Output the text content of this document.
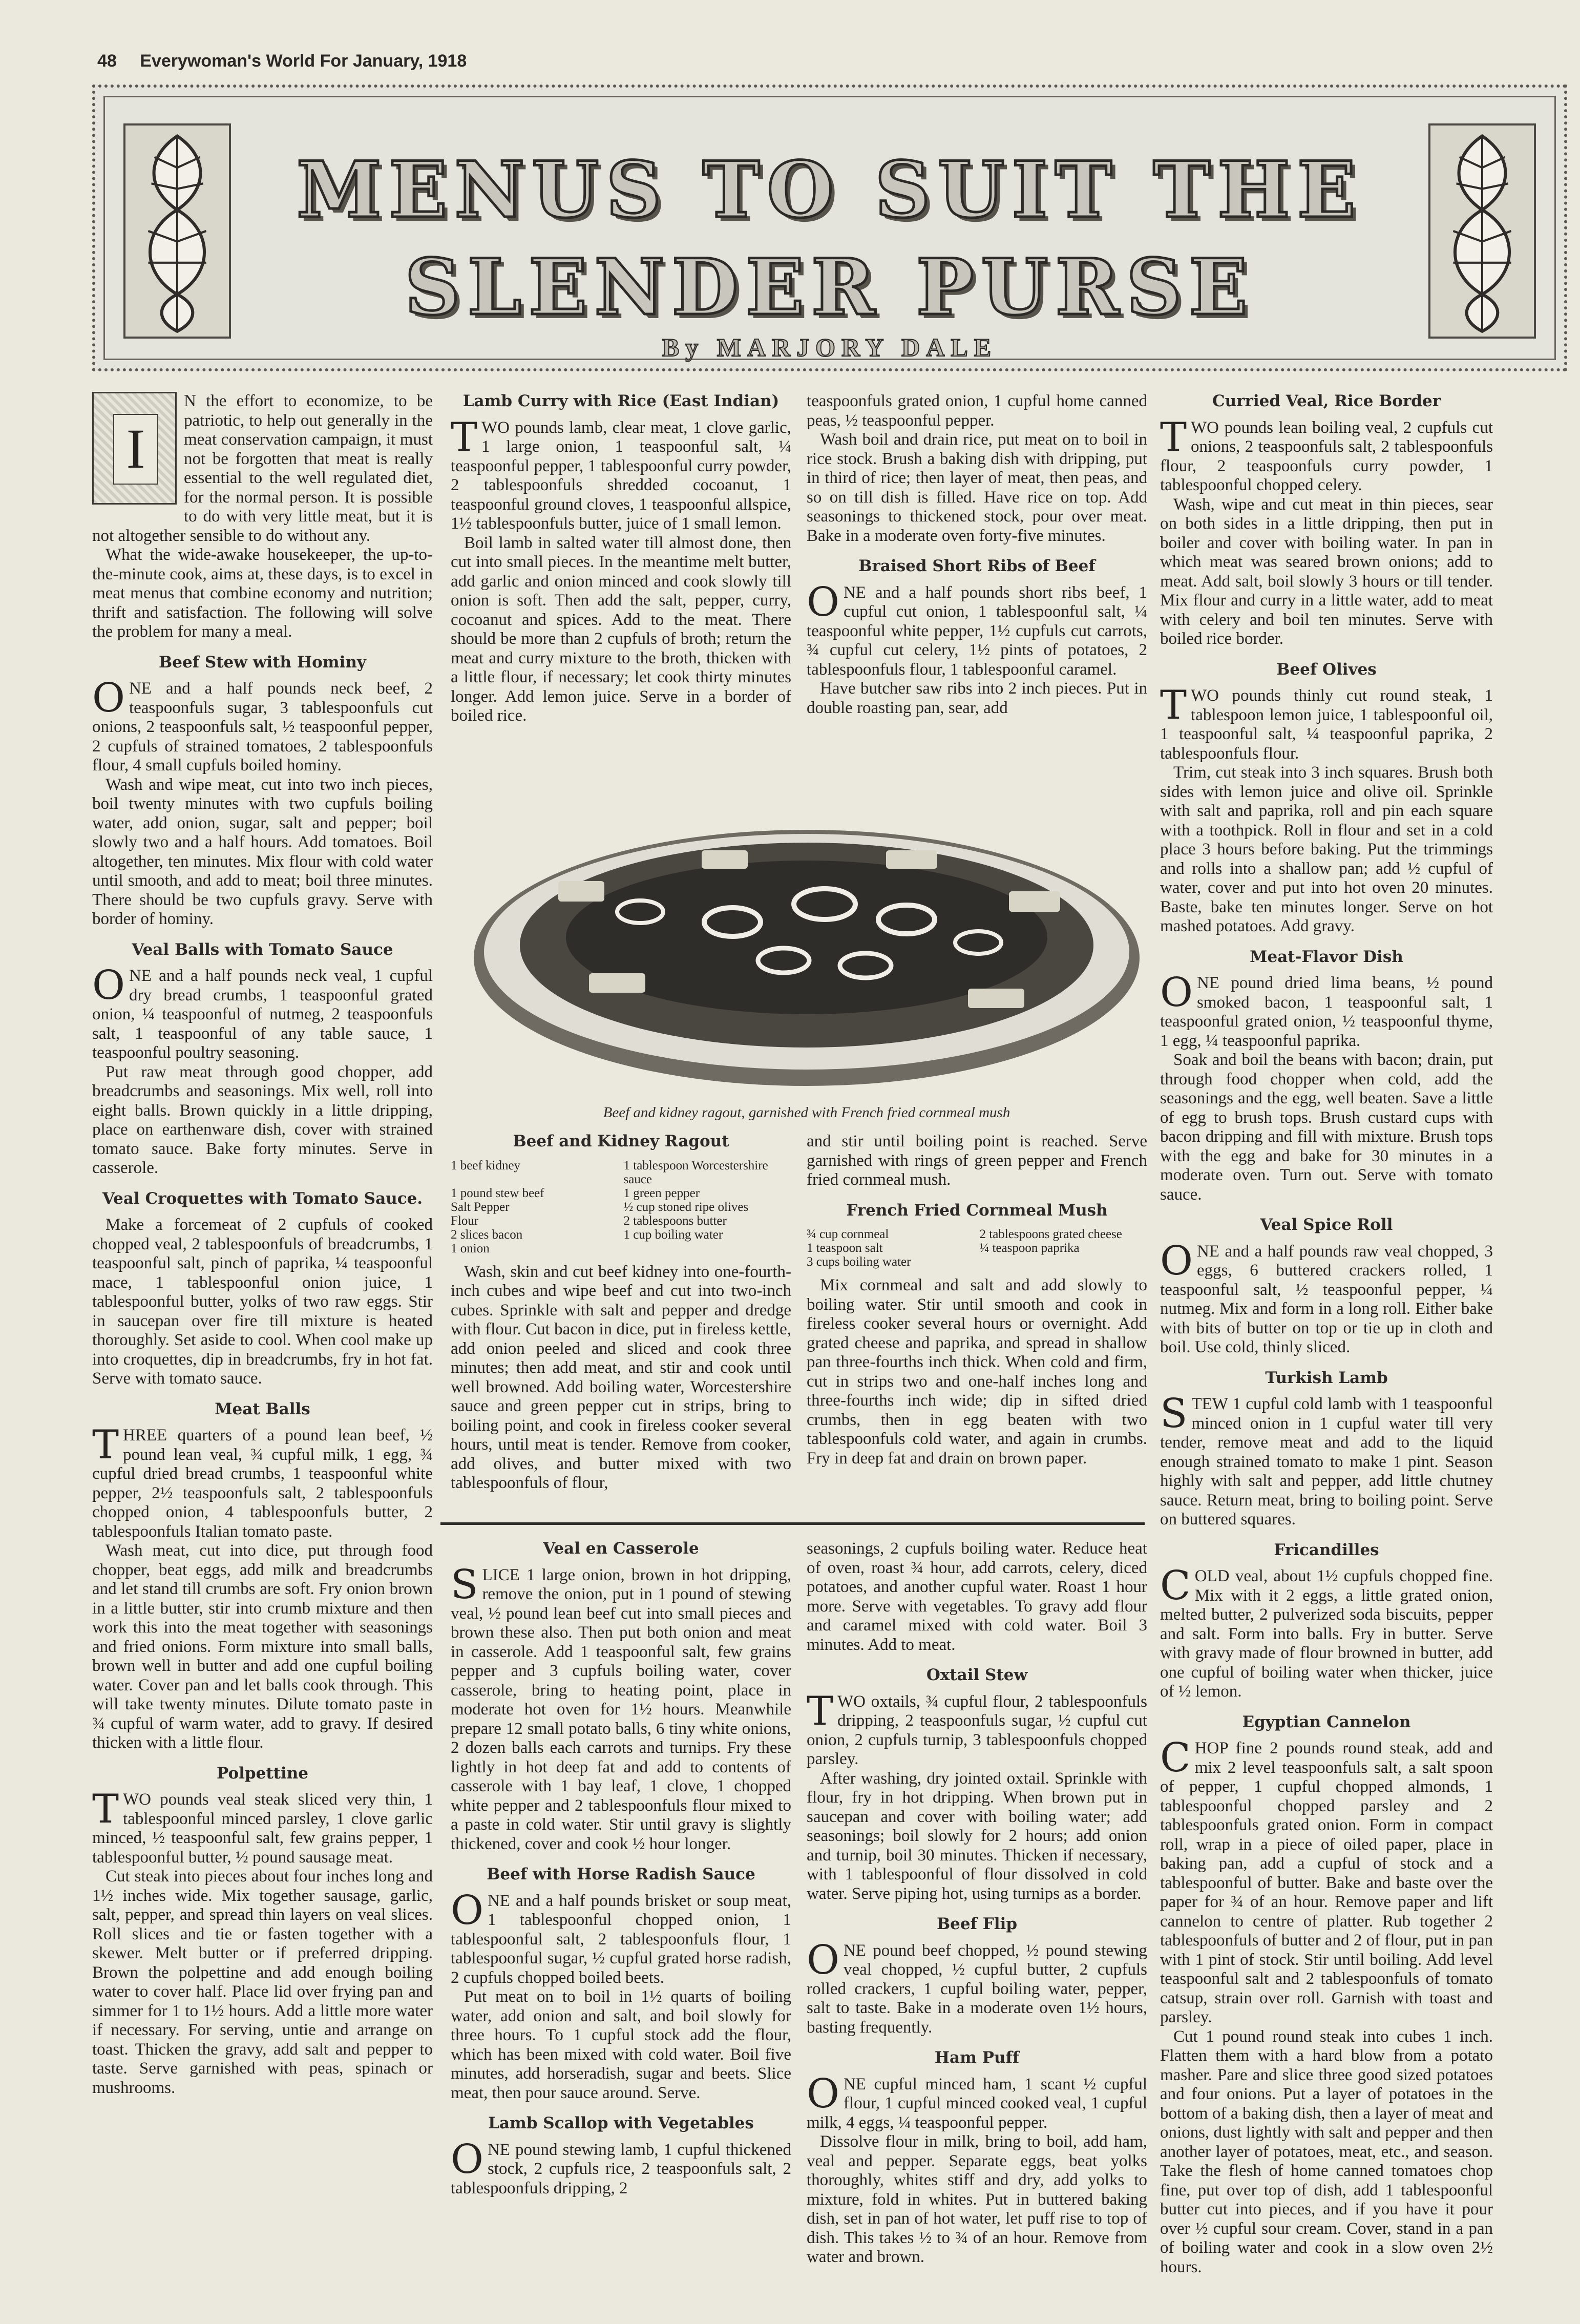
48 Everywoman's World For January, 1918
MENUS TO SUIT THE
SLENDER PURSE
By MARJORY DALE
I

N the effort to economize, to be patriotic, to help out generally in the meat conservation campaign, it must not be forgotten that meat is really essential to the well regulated diet, for the normal person. It is possible to do with very little meat, but it is not altogether sensible to do without any.

What the wide-awake housekeeper, the up-to-the-minute cook, aims at, these days, is to excel in meat menus that combine economy and nutrition; thrift and satisfaction. The following will solve the problem for many a meal.

Beef Stew with Hominy

ONE and a half pounds neck beef, 2 teaspoonfuls sugar, 3 tablespoonfuls cut onions, 2 teaspoonfuls salt, ½ teaspoonful pepper, 2 cupfuls of strained tomatoes, 2 tablespoonfuls flour, 4 small cupfuls boiled hominy.

Wash and wipe meat, cut into two inch pieces, boil twenty minutes with two cupfuls boiling water, add onion, sugar, salt and pepper; boil slowly two and a half hours. Add tomatoes. Boil altogether, ten minutes. Mix flour with cold water until smooth, and add to meat; boil three minutes. There should be two cupfuls gravy. Serve with border of hominy.

Veal Balls with Tomato Sauce

ONE and a half pounds neck veal, 1 cupful dry bread crumbs, 1 teaspoonful grated onion, ¼ teaspoonful of nutmeg, 2 teaspoonfuls salt, 1 teaspoonful of any table sauce, 1 teaspoonful poultry seasoning.

Put raw meat through good chopper, add breadcrumbs and seasonings. Mix well, roll into eight balls. Brown quickly in a little dripping, place on earthenware dish, cover with strained tomato sauce. Bake forty minutes. Serve in casserole.

Veal Croquettes with Tomato Sauce.

Make a forcemeat of 2 cupfuls of cooked chopped veal, 2 tablespoonfuls of breadcrumbs, 1 teaspoonful salt, pinch of paprika, ¼ teaspoonful mace, 1 tablespoonful onion juice, 1 tablespoonful butter, yolks of two raw eggs. Stir in saucepan over fire till mixture is heated thoroughly. Set aside to cool. When cool make up into croquettes, dip in breadcrumbs, fry in hot fat. Serve with tomato sauce.

Meat Balls

THREE quarters of a pound lean beef, ½ pound lean veal, ¾ cupful milk, 1 egg, ¾ cupful dried bread crumbs, 1 teaspoonful white pepper, 2½ teaspoonfuls salt, 2 tablespoonfuls chopped onion, 4 tablespoonfuls butter, 2 tablespoonfuls Italian tomato paste.

Wash meat, cut into dice, put through food chopper, beat eggs, add milk and breadcrumbs and let stand till crumbs are soft. Fry onion brown in a little butter, stir into crumb mixture and then work this into the meat together with seasonings and fried onions. Form mixture into small balls, brown well in butter and add one cupful boiling water. Cover pan and let balls cook through. This will take twenty minutes. Dilute tomato paste in ¾ cupful of warm water, add to gravy. If desired thicken with a little flour.

Polpettine

TWO pounds veal steak sliced very thin, 1 tablespoonful minced parsley, 1 clove garlic minced, ½ teaspoonful salt, few grains pepper, 1 tablespoonful butter, ½ pound sausage meat.

Cut steak into pieces about four inches long and 1½ inches wide. Mix together sausage, garlic, salt, pepper, and spread thin layers on veal slices. Roll slices and tie or fasten together with a skewer. Melt butter or if preferred dripping. Brown the polpettine and add enough boiling water to cover half. Place lid over frying pan and simmer for 1 to 1½ hours. Add a little more water if necessary. For serving, untie and arrange on toast. Thicken the gravy, add salt and pepper to taste. Serve garnished with peas, spinach or mushrooms.

Lamb Curry with Rice (East Indian)

TWO pounds lamb, clear meat, 1 clove garlic, 1 large onion, 1 teaspoonful salt, ¼ teaspoonful pepper, 1 tablespoonful curry powder, 2 tablespoonfuls shredded cocoanut, 1 teaspoonful ground cloves, 1 teaspoonful allspice, 1½ tablespoonfuls butter, juice of 1 small lemon.

Boil lamb in salted water till almost done, then cut into small pieces. In the meantime melt butter, add garlic and onion minced and cook slowly till onion is soft. Then add the salt, pepper, curry, cocoanut and spices. Add to the meat. There should be more than 2 cupfuls of broth; return the meat and curry mixture to the broth, thicken with a little flour, if necessary; let cook thirty minutes longer. Add lemon juice. Serve in a border of boiled rice.

teaspoonfuls grated onion, 1 cupful home canned peas, ½ teaspoonful pepper.

Wash boil and drain rice, put meat on to boil in rice stock. Brush a baking dish with dripping, put in third of rice; then layer of meat, then peas, and so on till dish is filled. Have rice on top. Add seasonings to thickened stock, pour over meat. Bake in a moderate oven forty-five minutes.

Braised Short Ribs of Beef

ONE and a half pounds short ribs beef, 1 cupful cut onion, 1 tablespoonful salt, ¼ teaspoonful white pepper, 1½ cupfuls cut carrots, ¾ cupful cut celery, 1½ pints of potatoes, 2 tablespoonfuls flour, 1 tablespoonful caramel.

Have butcher saw ribs into 2 inch pieces. Put in double roasting pan, sear, add

Beef and kidney ragout, garnished with French fried cornmeal mush
Beef and Kidney Ragout
1 beef kidney	1 tablespoon Worcestershire sauce
1 pound stew beef	1 green pepper
Salt Pepper	½ cup stoned ripe olives
Flour	2 tablespoons butter
2 slices bacon	1 cup boiling water
1 onion

Wash, skin and cut beef kidney into one-fourth-inch cubes and wipe beef and cut into two-inch cubes. Sprinkle with salt and pepper and dredge with flour. Cut bacon in dice, put in fireless kettle, add onion peeled and sliced and cook three minutes; then add meat, and stir and cook until well browned. Add boiling water, Worcestershire sauce and green pepper cut in strips, bring to boiling point, and cook in fireless cooker several hours, until meat is tender. Remove from cooker, add olives, and butter mixed with two tablespoonfuls of flour,

and stir until boiling point is reached. Serve garnished with rings of green pepper and French fried cornmeal mush.

French Fried Cornmeal Mush
¾ cup cornmeal	2 tablespoons grated cheese
1 teaspoon salt	¼ teaspoon paprika
3 cups boiling water

Mix cornmeal and salt and add slowly to boiling water. Stir until smooth and cook in fireless cooker several hours or overnight. Add grated cheese and paprika, and spread in shallow pan three-fourths inch thick. When cold and firm, cut in strips two and one-half inches long and three-fourths inch wide; dip in sifted dried crumbs, then in egg beaten with two tablespoonfuls cold water, and again in crumbs. Fry in deep fat and drain on brown paper.

Veal en Casserole

SLICE 1 large onion, brown in hot dripping, remove the onion, put in 1 pound of stewing veal, ½ pound lean beef cut into small pieces and brown these also. Then put both onion and meat in casserole. Add 1 teaspoonful salt, few grains pepper and 3 cupfuls boiling water, cover casserole, bring to heating point, place in moderate hot oven for 1½ hours. Meanwhile prepare 12 small potato balls, 6 tiny white onions, 2 dozen balls each carrots and turnips. Fry these lightly in hot deep fat and add to contents of casserole with 1 bay leaf, 1 clove, 1 chopped white pepper and 2 tablespoonfuls flour mixed to a paste in cold water. Stir until gravy is slightly thickened, cover and cook ½ hour longer.

Beef with Horse Radish Sauce

ONE and a half pounds brisket or soup meat, 1 tablespoonful chopped onion, 1 tablespoonful salt, 2 tablespoonfuls flour, 1 tablespoonful sugar, ½ cupful grated horse radish, 2 cupfuls chopped boiled beets.

Put meat on to boil in 1½ quarts of boiling water, add onion and salt, and boil slowly for three hours. To 1 cupful stock add the flour, which has been mixed with cold water. Boil five minutes, add horseradish, sugar and beets. Slice meat, then pour sauce around. Serve.

Lamb Scallop with Vegetables

ONE pound stewing lamb, 1 cupful thickened stock, 2 cupfuls rice, 2 teaspoonfuls salt, 2 tablespoonfuls dripping, 2

seasonings, 2 cupfuls boiling water. Reduce heat of oven, roast ¾ hour, add carrots, celery, diced potatoes, and another cupful water. Roast 1 hour more. Serve with vegetables. To gravy add flour and caramel mixed with cold water. Boil 3 minutes. Add to meat.

Oxtail Stew

TWO oxtails, ¾ cupful flour, 2 tablespoonfuls dripping, 2 teaspoonfuls sugar, ½ cupful cut onion, 2 cupfuls turnip, 3 tablespoonfuls chopped parsley.

After washing, dry jointed oxtail. Sprinkle with flour, fry in hot dripping. When brown put in saucepan and cover with boiling water; add seasonings; boil slowly for 2 hours; add onion and turnip, boil 30 minutes. Thicken if necessary, with 1 tablespoonful of flour dissolved in cold water. Serve piping hot, using turnips as a border.

Beef Flip

ONE pound beef chopped, ½ pound stewing veal chopped, ½ cupful butter, 2 cupfuls rolled crackers, 1 cupful boiling water, pepper, salt to taste. Bake in a moderate oven 1½ hours, basting frequently.

Ham Puff

ONE cupful minced ham, 1 scant ½ cupful flour, 1 cupful minced cooked veal, 1 cupful milk, 4 eggs, ¼ teaspoonful pepper.

Dissolve flour in milk, bring to boil, add ham, veal and pepper. Separate eggs, beat yolks thoroughly, whites stiff and dry, add yolks to mixture, fold in whites. Put in buttered baking dish, set in pan of hot water, let puff rise to top of dish. This takes ½ to ¾ of an hour. Remove from water and brown.

Curried Veal, Rice Border

TWO pounds lean boiling veal, 2 cupfuls cut onions, 2 teaspoonfuls salt, 2 tablespoonfuls flour, 2 teaspoonfuls curry powder, 1 tablespoonful chopped celery.

Wash, wipe and cut meat in thin pieces, sear on both sides in a little dripping, then put in boiler and cover with boiling water. In pan in which meat was seared brown onions; add to meat. Add salt, boil slowly 3 hours or till tender. Mix flour and curry in a little water, add to meat with celery and boil ten minutes. Serve with boiled rice border.

Beef Olives

TWO pounds thinly cut round steak, 1 tablespoon lemon juice, 1 tablespoonful oil, 1 teaspoonful salt, ¼ teaspoonful paprika, 2 tablespoonfuls flour.

Trim, cut steak into 3 inch squares. Brush both sides with lemon juice and olive oil. Sprinkle with salt and paprika, roll and pin each square with a toothpick. Roll in flour and set in a cold place 3 hours before baking. Put the trimmings and rolls into a shallow pan; add ½ cupful of water, cover and put into hot oven 20 minutes. Baste, bake ten minutes longer. Serve on hot mashed potatoes. Add gravy.

Meat-Flavor Dish

ONE pound dried lima beans, ½ pound smoked bacon, 1 teaspoonful salt, 1 teaspoonful grated onion, ½ teaspoonful thyme, 1 egg, ¼ teaspoonful paprika.

Soak and boil the beans with bacon; drain, put through food chopper when cold, add the seasonings and the egg, well beaten. Save a little of egg to brush tops. Brush custard cups with bacon dripping and fill with mixture. Brush tops with the egg and bake for 30 minutes in a moderate oven. Turn out. Serve with tomato sauce.

Veal Spice Roll

ONE and a half pounds raw veal chopped, 3 eggs, 6 buttered crackers rolled, 1 teaspoonful salt, ½ teaspoonful pepper, ¼ nutmeg. Mix and form in a long roll. Either bake with bits of butter on top or tie up in cloth and boil. Use cold, thinly sliced.

Turkish Lamb

STEW 1 cupful cold lamb with 1 teaspoonful minced onion in 1 cupful water till very tender, remove meat and add to the liquid enough strained tomato to make 1 pint. Season highly with salt and pepper, add little chutney sauce. Return meat, bring to boiling point. Serve on buttered squares.

Fricandilles

COLD veal, about 1½ cupfuls chopped fine. Mix with it 2 eggs, a little grated onion, melted butter, 2 pulverized soda biscuits, pepper and salt. Form into balls. Fry in butter. Serve with gravy made of flour browned in butter, add one cupful of boiling water when thicker, juice of ½ lemon.

Egyptian Cannelon

CHOP fine 2 pounds round steak, add and mix 2 level teaspoonfuls salt, a salt spoon of pepper, 1 cupful chopped almonds, 1 tablespoonful chopped parsley and 2 tablespoonfuls grated onion. Form in compact roll, wrap in a piece of oiled paper, place in baking pan, add a cupful of stock and a tablespoonful of butter. Bake and baste over the paper for ¾ of an hour. Remove paper and lift cannelon to centre of platter. Rub together 2 tablespoonfuls of butter and 2 of flour, put in pan with 1 pint of stock. Stir until boiling. Add level teaspoonful salt and 2 tablespoonfuls of tomato catsup, strain over roll. Garnish with toast and parsley.

Cut 1 pound round steak into cubes 1 inch. Flatten them with a hard blow from a potato masher. Pare and slice three good sized potatoes and four onions. Put a layer of potatoes in the bottom of a baking dish, then a layer of meat and onions, dust lightly with salt and pepper and then another layer of potatoes, meat, etc., and season. Take the flesh of home canned tomatoes chop fine, put over top of dish, add 1 tablespoonful butter cut into pieces, and if you have it pour over ½ cupful sour cream. Cover, stand in a pan of boiling water and cook in a slow oven 2½ hours.
